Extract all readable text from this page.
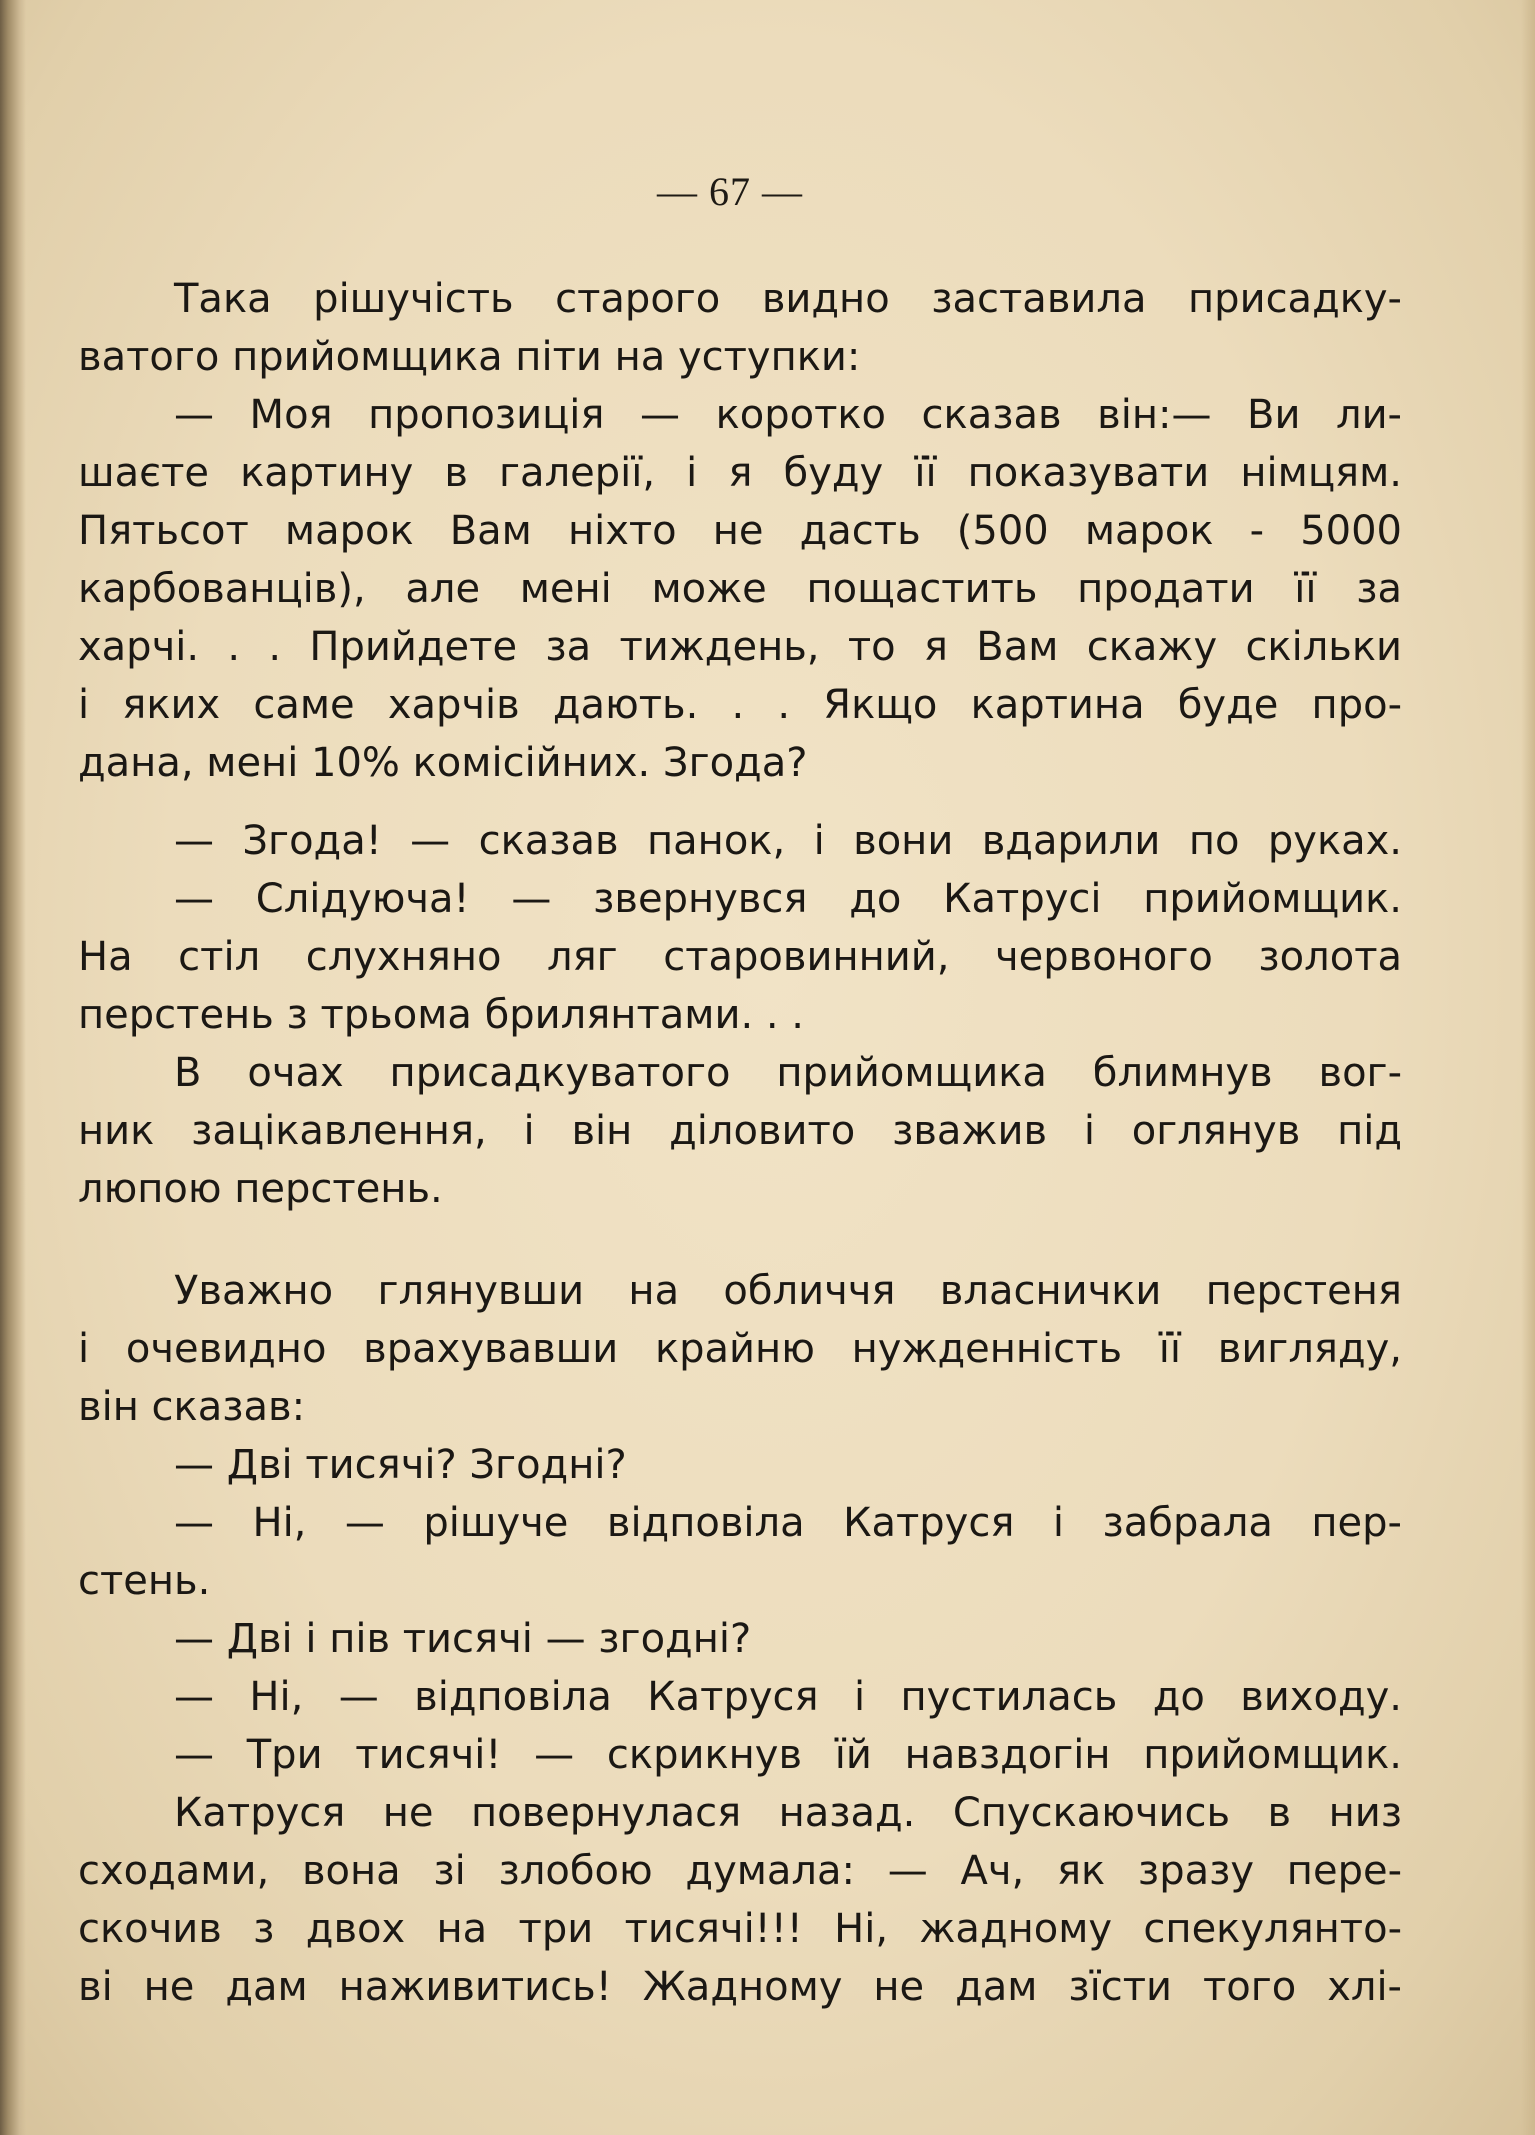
— 67 —
Така рішучість старого видно заставила присадку-
ватого прийомщика піти на уступки:
— Моя пропозиція — коротко сказав він:— Ви ли-
шаєте картину в галерії, і я буду її показувати німцям.
Пятьсот марок Вам ніхто не дасть (500 марок - 5000
карбованців), але мені може пощастить продати її за
харчі. . . Прийдете за тиждень, то я Вам скажу скільки
і яких саме харчів дають. . . Якщо картина буде про-
дана, мені 10% комісійних. Згода?
— Згода! — сказав панок, і вони вдарили по руках.
— Слідуюча! — звернувся до Катрусі прийомщик.
На стіл слухняно ляг старовинний, червоного золота
перстень з трьома брилянтами. . .
В очах присадкуватого прийомщика блимнув вог-
ник зацікавлення, і він діловито зважив і оглянув під
люпою перстень.
Уважно глянувши на обличчя власнички перстеня
і очевидно врахувавши крайню нужденність її вигляду,
він сказав:
— Дві тисячі? Згодні?
— Ні, — рішуче відповіла Катруся і забрала пер-
стень.
— Дві і пів тисячі — згодні?
— Ні, — відповіла Катруся і пустилась до виходу.
— Три тисячі! — скрикнув їй навздогін прийомщик.
Катруся не повернулася назад. Спускаючись в низ
сходами, вона зі злобою думала: — Ач, як зразу пере-
скочив з двох на три тисячі!!! Ні, жадному спекулянто-
ві не дам наживитись! Жадному не дам зїсти того хлі-
